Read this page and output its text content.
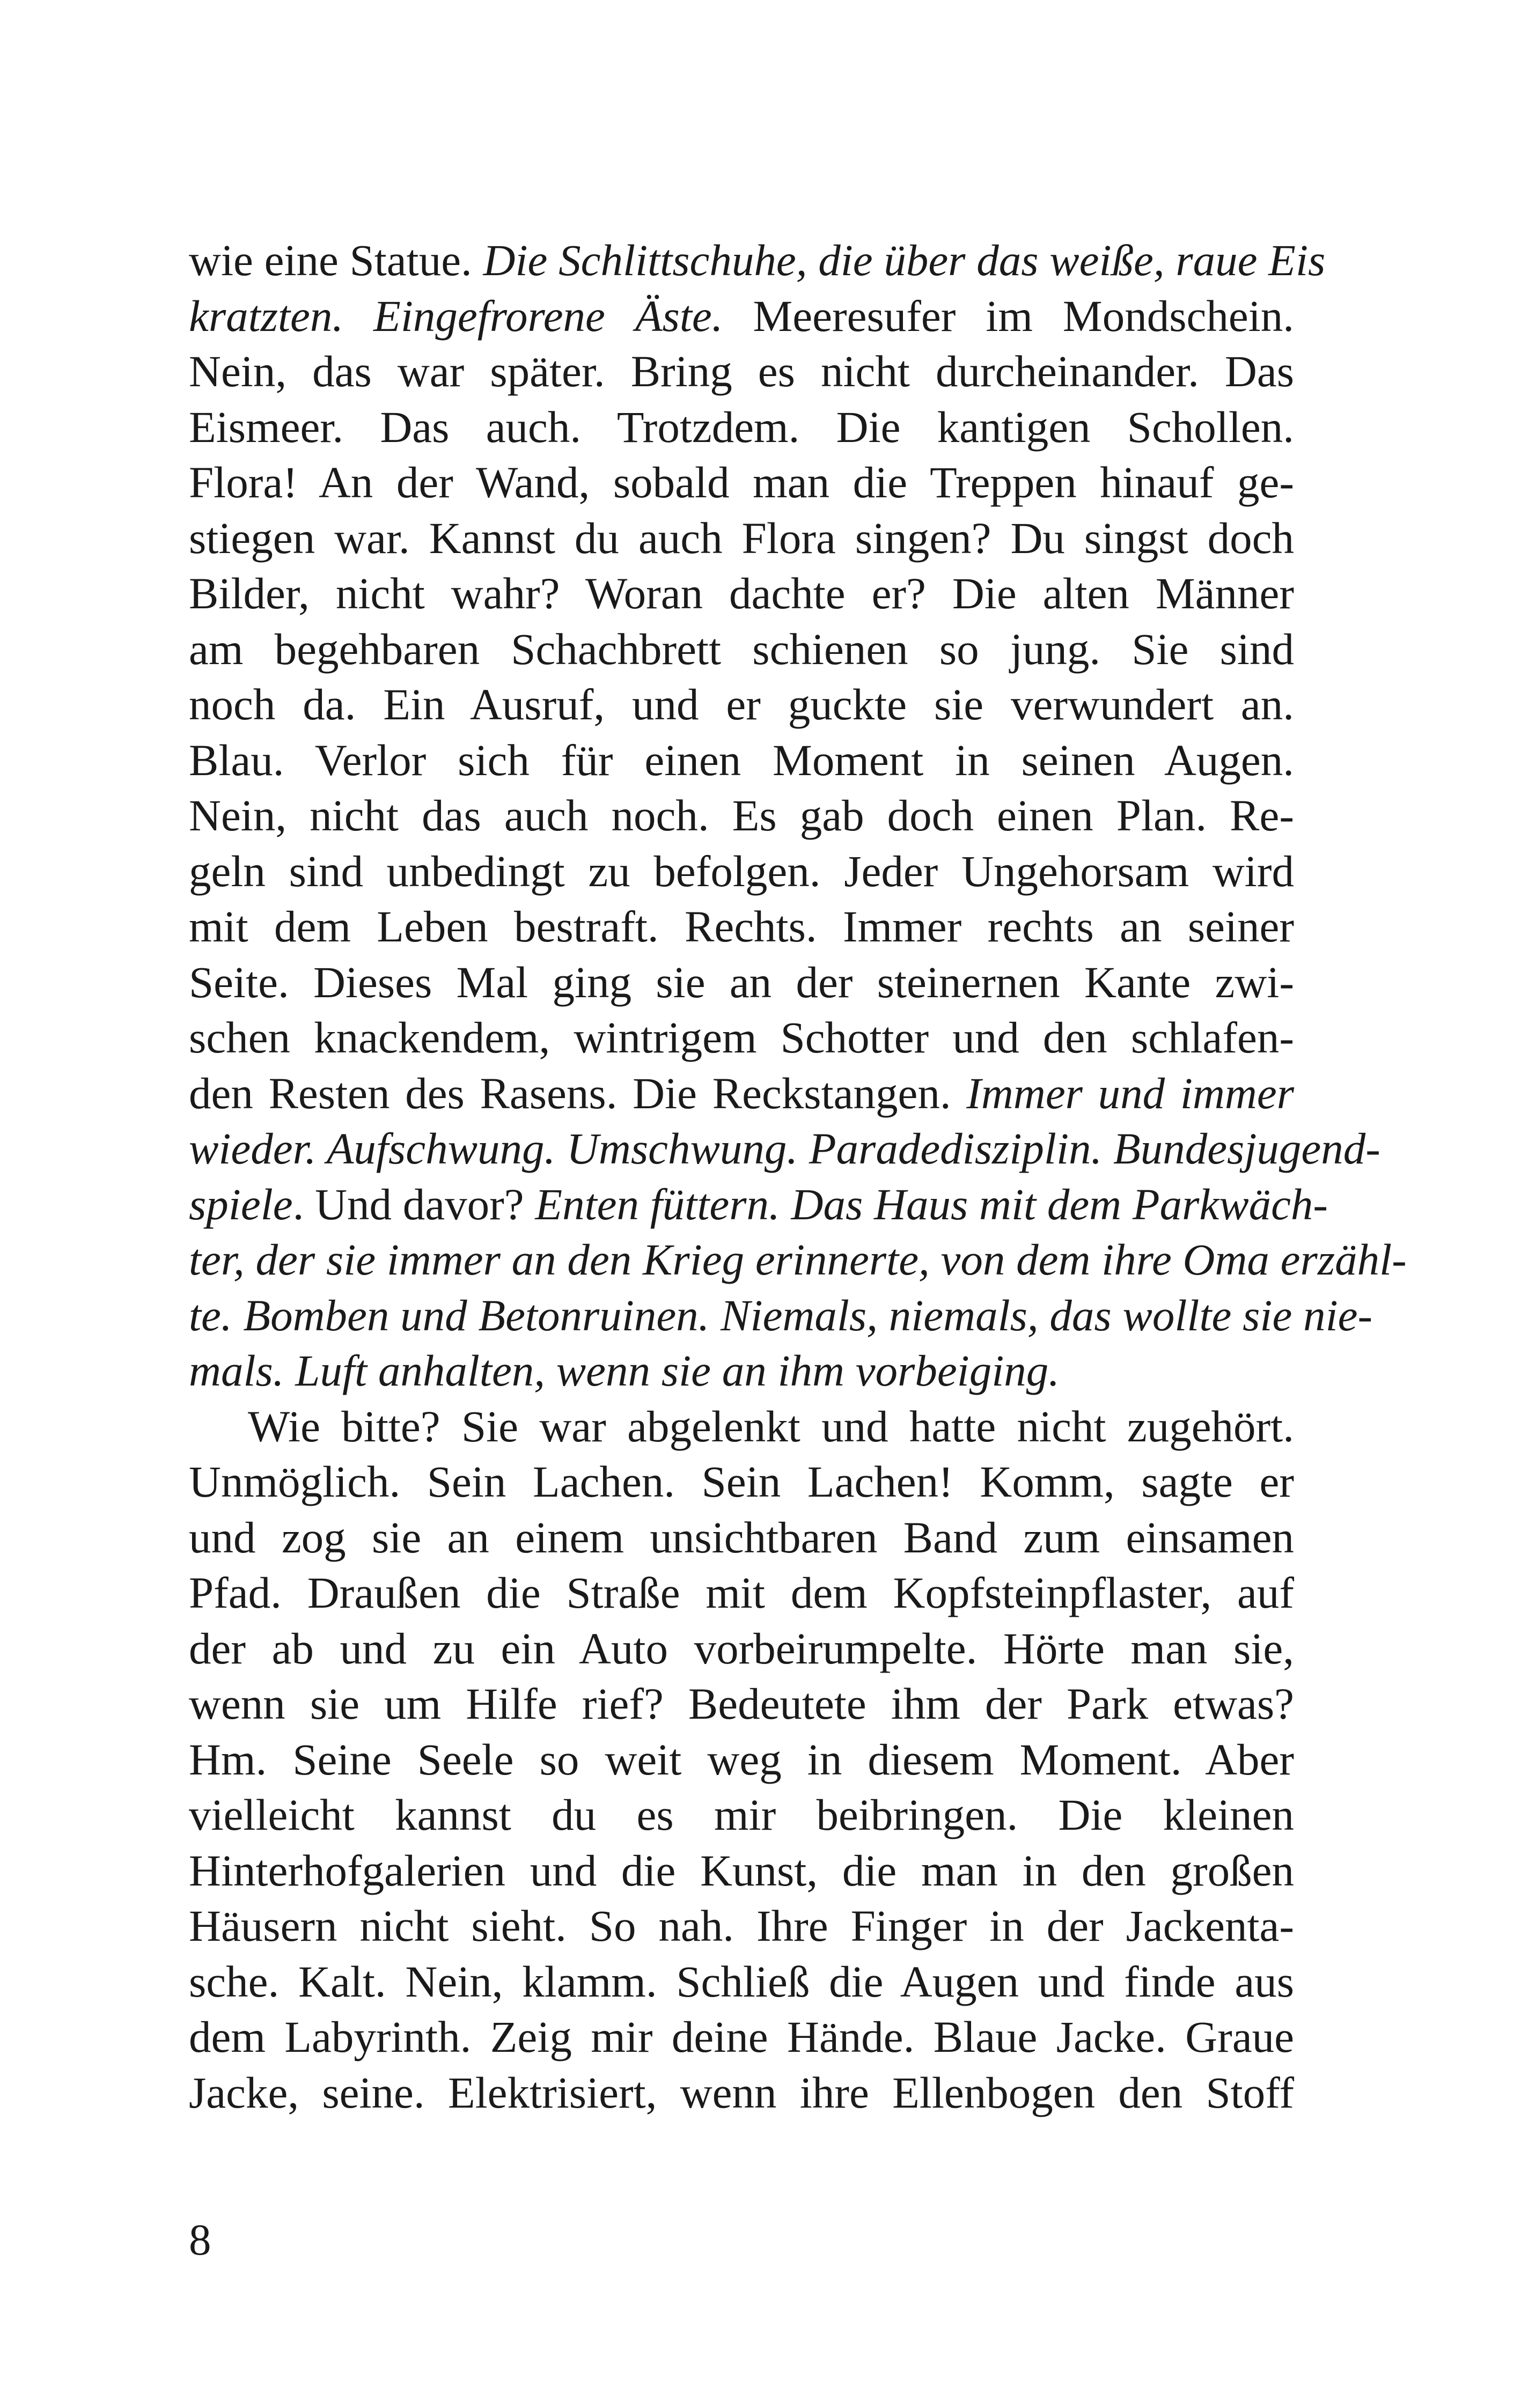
wie eine Statue. Die Schlittschuhe, die über das weiße, raue Eis
kratzten. Eingefrorene Äste. Meeresufer im Mondschein.
Nein, das war später. Bring es nicht durcheinander. Das
Eismeer. Das auch. Trotzdem. Die kantigen Schollen.
Flora! An der Wand, sobald man die Treppen hinauf ge-
stiegen war. Kannst du auch Flora singen? Du singst doch
Bilder, nicht wahr? Woran dachte er? Die alten Männer
am begehbaren Schachbrett schienen so jung. Sie sind
noch da. Ein Ausruf, und er guckte sie verwundert an.
Blau. Verlor sich für einen Moment in seinen Augen.
Nein, nicht das auch noch. Es gab doch einen Plan. Re-
geln sind unbedingt zu befolgen. Jeder Ungehorsam wird
mit dem Leben bestraft. Rechts. Immer rechts an seiner
Seite. Dieses Mal ging sie an der steinernen Kante zwi-
schen knackendem, wintrigem Schotter und den schlafen-
den Resten des Rasens. Die Reckstangen. Immer und immer
wieder. Aufschwung. Umschwung. Paradedisziplin. Bundesjugend-
spiele. Und davor? Enten füttern. Das Haus mit dem Parkwäch-
ter, der sie immer an den Krieg erinnerte, von dem ihre Oma erzähl-
te. Bomben und Betonruinen. Niemals, niemals, das wollte sie nie-
mals. Luft anhalten, wenn sie an ihm vorbeiging.
Wie bitte? Sie war abgelenkt und hatte nicht zugehört.
Unmöglich. Sein Lachen. Sein Lachen! Komm, sagte er
und zog sie an einem unsichtbaren Band zum einsamen
Pfad. Draußen die Straße mit dem Kopfsteinpflaster, auf
der ab und zu ein Auto vorbeirumpelte. Hörte man sie,
wenn sie um Hilfe rief? Bedeutete ihm der Park etwas?
Hm. Seine Seele so weit weg in diesem Moment. Aber
vielleicht kannst du es mir beibringen. Die kleinen
Hinterhofgalerien und die Kunst, die man in den großen
Häusern nicht sieht. So nah. Ihre Finger in der Jackenta-
sche. Kalt. Nein, klamm. Schließ die Augen und finde aus
dem Labyrinth. Zeig mir deine Hände. Blaue Jacke. Graue
Jacke, seine. Elektrisiert, wenn ihre Ellenbogen den Stoff
8
